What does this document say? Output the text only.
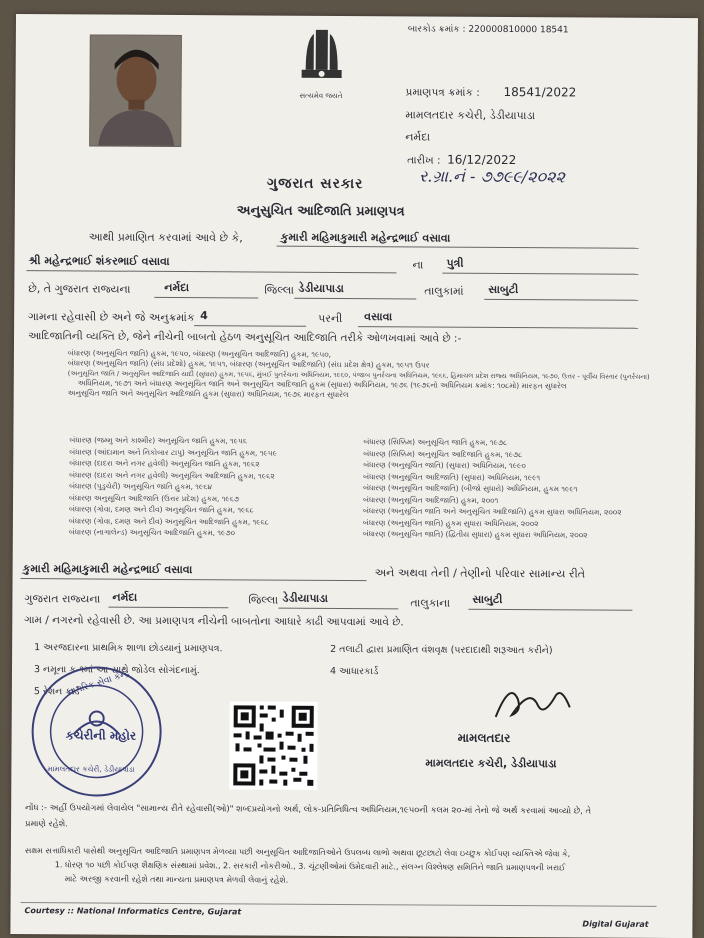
બારકોડ ક્રમાંક : 220000810000 18541
સત્યમેવ જયતે	પ્રમાણપત્ર ક્રમાંક : 18541/2022
મામલતદાર કચેરી, ડેડીયાપાડા
નર્મદા
તારીખ : 16/12/2022
ર.ગ્રા.નં - ૭૭૯૯/૨૦૨૨
ગુજરાત સરકાર
અનુસુચિત આદિજાતિ પ્રમાણપત્ર
આથી પ્રમાણિત કરવામાં આવે છે કે,	કુમારી મહિમાકુમારી મહેન્દ્રભાઈ વસાવા
શ્રી મહેન્દ્રભાઈ શંકરભાઈ વસાવા	ના પુત્રી
છે, તે ગુજરાત રાજ્યના	નર્મદા	જિલ્લા ડેડીયાપાડા	તાલુકામાં સાબુટી
ગામના રહેવાસી છે અને જે અનુક્રમાંક 4	પરની વસાવા
આદિજાતિની વ્યક્તિ છે, જેને નીચેની બાબતો હેઠળ અનુસૂચિત આદિજાતિ તરીકે ઓળખવામાં આવે છે :-
બંધારણ (અનુસૂચિત જાતિ) હુકમ, ૧૯૫૦, બંધારણ (અનુસૂચિત આદિજાતિ) હુકમ, ૧૯૫૦,
બંધારણ (અનુસૂચિત જાતિ) (સંઘ પ્રદેશો) હુકમ, ૧૯૫૧, બંધારણ (અનુસૂચિત આદિજાતિ) (સંઘ પ્રદેશ ક્ષેત્ર) હુકમ, ૧૯૫૧ ઉપર
(અનુસૂચિત જાતિ / અનુસૂચિત આદિજાતિ યાદી (સુધારા) હુકમ, ૧૯૫૬, મુંબઈ પુનર્રચના અધિનિયમ, ૧૯૬૦, પંજાબ પુનર્રચના અધિનિયમ, ૧૯૬૬, હિમાચલ પ્રદેશ રાજ્ય અધિનિયમ, ૧૯૭૦, ઉત્તર - પૂર્વીય વિસ્તાર (પુનર્રચના)
અધિનિયમ, ૧૯૭૧ અને બંધારણ અનુસૂચિત જાતિ અને અનુસૂચિત આદિજાતિ હુકમ (સુધારા) અધિનિયમ, ૧૯૭૬ (૧૯૭૬નો અધિનિયમ ક્રમાંક: ૧૦૮મો) મારફત સુધારેલ
અનુસૂચિત જાતિ અને અનુસૂચિત આદિજાતિ હુકમ (સુધારા) અધિનિયમ, ૧૯૭૬ મારફત સુધારેલ
બંધારણ (જમ્મુ અને કાશ્મીર) અનુસૂચિત જાતિ હુકમ, ૧૯૫૬
બંધારણ (આંદામાન અને નિકોબાર ટાપુ) અનુસૂચિત જાતિ હુકમ, ૧૯૫૯
બંધારણ (દાદરા અને નગર હવેલી) અનુસૂચિત જાતિ હુકમ, ૧૯૬૨
બંધારણ (દાદરા અને નગર હવેલી) અનુસૂચિત આદિજાતિ હુકમ, ૧૯૬૨
બંધારણ (પુડુચેરી) અનુસૂચિત જાતિ હુકમ, ૧૯૬૪
બંધારણ અનુસૂચિત આદિજાતિ (ઉત્તર પ્રદેશ) હુકમ, ૧૯૬૭
બંધારણ (ગોવા, દમણ અને દીવ) અનુસૂચિત જાતિ હુકમ, ૧૯૬૮
બંધારણ (ગોવા, દમણ અને દીવ) અનુસૂચિત આદિજાતિ હુકમ, ૧૯૬૮
બંધારણ (નાગાલેન્ડ) અનુસૂચિત આદિજાતિ હુકમ, ૧૯૭૦
બંધારણ (સિક્કિમ) અનુસૂચિત જાતિ હુકમ, ૧૯૭૮
બંધારણ (સિક્કિમ) અનુસૂચિત આદિજાતિ હુકમ, ૧૯૭૮
બંધારણ (અનુસૂચિત જાતિ) (સુધારા) અધિનિયમ, ૧૯૯૦
બંધારણ (અનુસૂચિત આદિજાતિ) (સુધારા) અધિનિયમ, ૧૯૯૧
બંધારણ (અનુસૂચિત આદિજાતિ) (બીજો સુધારો) અધિનિયમ, હુકમ ૧૯૯૧
બંધારણ (અનુસૂચિત આદિજાતિ) હુકમ, ૨૦૦૧
બંધારણ (અનુસૂચિત જાતિ અને અનુસૂચિત આદિજાતિ) હુકમ સુધારા અધિનિયમ, ૨૦૦૨
બંધારણ (અનુસૂચિત જાતિ) હુકમ સુધારા અધિનિયમ, ૨૦૦૨
બંધારણ (અનુસૂચિત જાતિ) (દ્વિતીય સુધારા) હુકમ સુધારા અધિનિયમ, ૨૦૦૨
કુમારી મહિમાકુમારી મહેન્દ્રભાઈ વસાવા	અને અથવા તેની / તેણીનો પરિવાર સામાન્ય રીતે
ગુજરાત રાજ્યના નર્મદા	જિલ્લા ડેડીયાપાડા	તાલુકાના સાબુટી
ગામ / નગરનો રહેવાસી છે. આ પ્રમાણપત્ર નીચેની બાબતોના આધારે કાઢી આપવામાં આવે છે.
1 અરજદારના પ્રાથમિક શાળા છોડયાનું પ્રમાણપત્ર.	2 તલાટી દ્વારા પ્રમાણિત વંશવૃક્ષ (પરદાદાથી શરૂઆત કરીને)
3 નમૂના ક-૧માં આ સાથે જોડેલ સોગંદનામું.	4 આધારકાર્ડ
5 રેશન કાર્ડ
નાગરિક સેવા કેન્દ્ર
કચેરીની મહોર
મામલતદાર કચેરી, ડેડીયાપાડા
મામલતદાર
મામલતદાર કચેરી, ડેડીયાપાડા
નોંધ :- અહીં ઉપયોગમાં લેવાયેલ "સામાન્ય રીતે રહેવાસી(ઓ)" શબ્દપ્રયોગનો અર્થ, લોક-પ્રતિનિધિત્વ અધિનિયમ,૧૯૫૦ની કલમ ૨૦-માં તેનો જે અર્થ કરવામાં આવ્યો છે, તે
પ્રમાણે રહેશે.
સક્ષમ સત્તાધિકારી પાસેથી અનુસૂચિત આદિજાતિ પ્રમાણપત્ર મેળવ્યા પછી અનુસૂચિત આદિજાતિઓને ઉપલબ્ધ લાભો અથવા છૂટછાટો લેવા ઇચ્છુક કોઈપણ વ્યક્તિએ જેવા કે,
1. ધોરણ ૧૦ પછી કોઈપણ શૈક્ષણિક સંસ્થામાં પ્રવેશ., 2. સરકારી નોકરીઓ., 3. ચૂંટણીઓમાં ઉમેદવારી માટે., સંલગ્ન વિશ્લેષણ સમિતિને જાતિ પ્રમાણપત્રની ખરાઈ
માટે અરજી કરવાની રહેશે તથા માન્યતા પ્રમાણપત્ર મેળવી લેવાનું રહેશે.
Courtesy :: National Informatics Centre, Gujarat
Digital Gujarat
